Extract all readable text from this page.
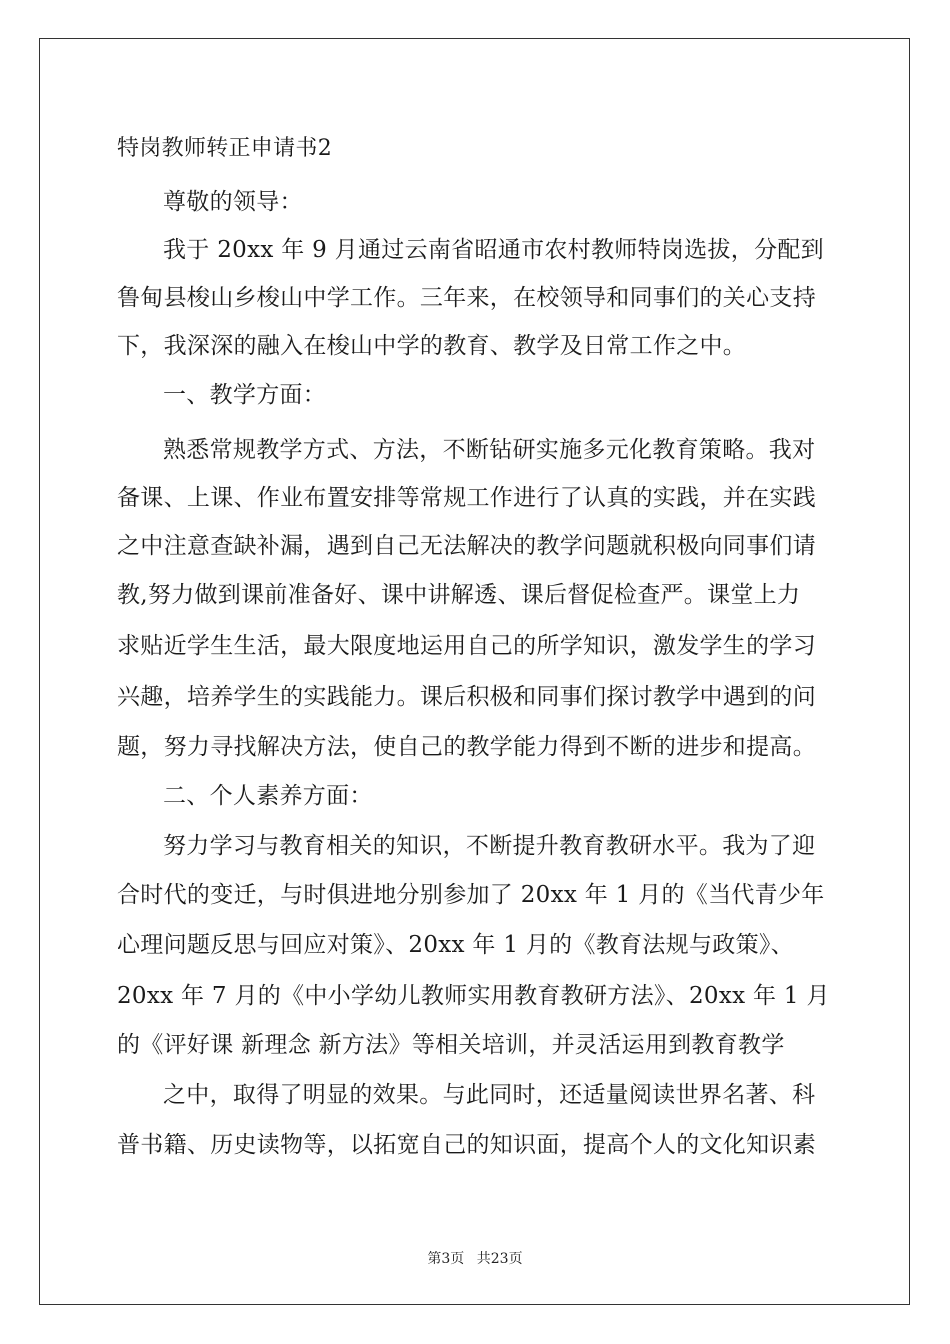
特岗教师转正申请书2
尊敬的领导：
我于 20xx 年 9 月通过云南省昭通市农村教师特岗选拔，分配到
鲁甸县梭山乡梭山中学工作。三年来，在校领导和同事们的关心支持
下，我深深的融入在梭山中学的教育、教学及日常工作之中。
一、教学方面：
熟悉常规教学方式、方法，不断钻研实施多元化教育策略。我对
备课、上课、作业布置安排等常规工作进行了认真的实践，并在实践
之中注意查缺补漏，遇到自己无法解决的教学问题就积极向同事们请
教,努力做到课前准备好、课中讲解透、课后督促检查严。课堂上力
求贴近学生生活，最大限度地运用自己的所学知识，激发学生的学习
兴趣，培养学生的实践能力。课后积极和同事们探讨教学中遇到的问
题，努力寻找解决方法，使自己的教学能力得到不断的进步和提高。
二、个人素养方面：
努力学习与教育相关的知识，不断提升教育教研水平。我为了迎
合时代的变迁，与时俱进地分别参加了 20xx 年 1 月的《当代青少年
心理问题反思与回应对策》、20xx 年 1 月的《教育法规与政策》、
20xx 年 7 月的《中小学幼儿教师实用教育教研方法》、20xx 年 1 月
的《评好课 新理念 新方法》等相关培训，并灵活运用到教育教学
之中，取得了明显的效果。与此同时，还适量阅读世界名著、科
普书籍、历史读物等，以拓宽自己的知识面，提高个人的文化知识素
第3页 共23页
